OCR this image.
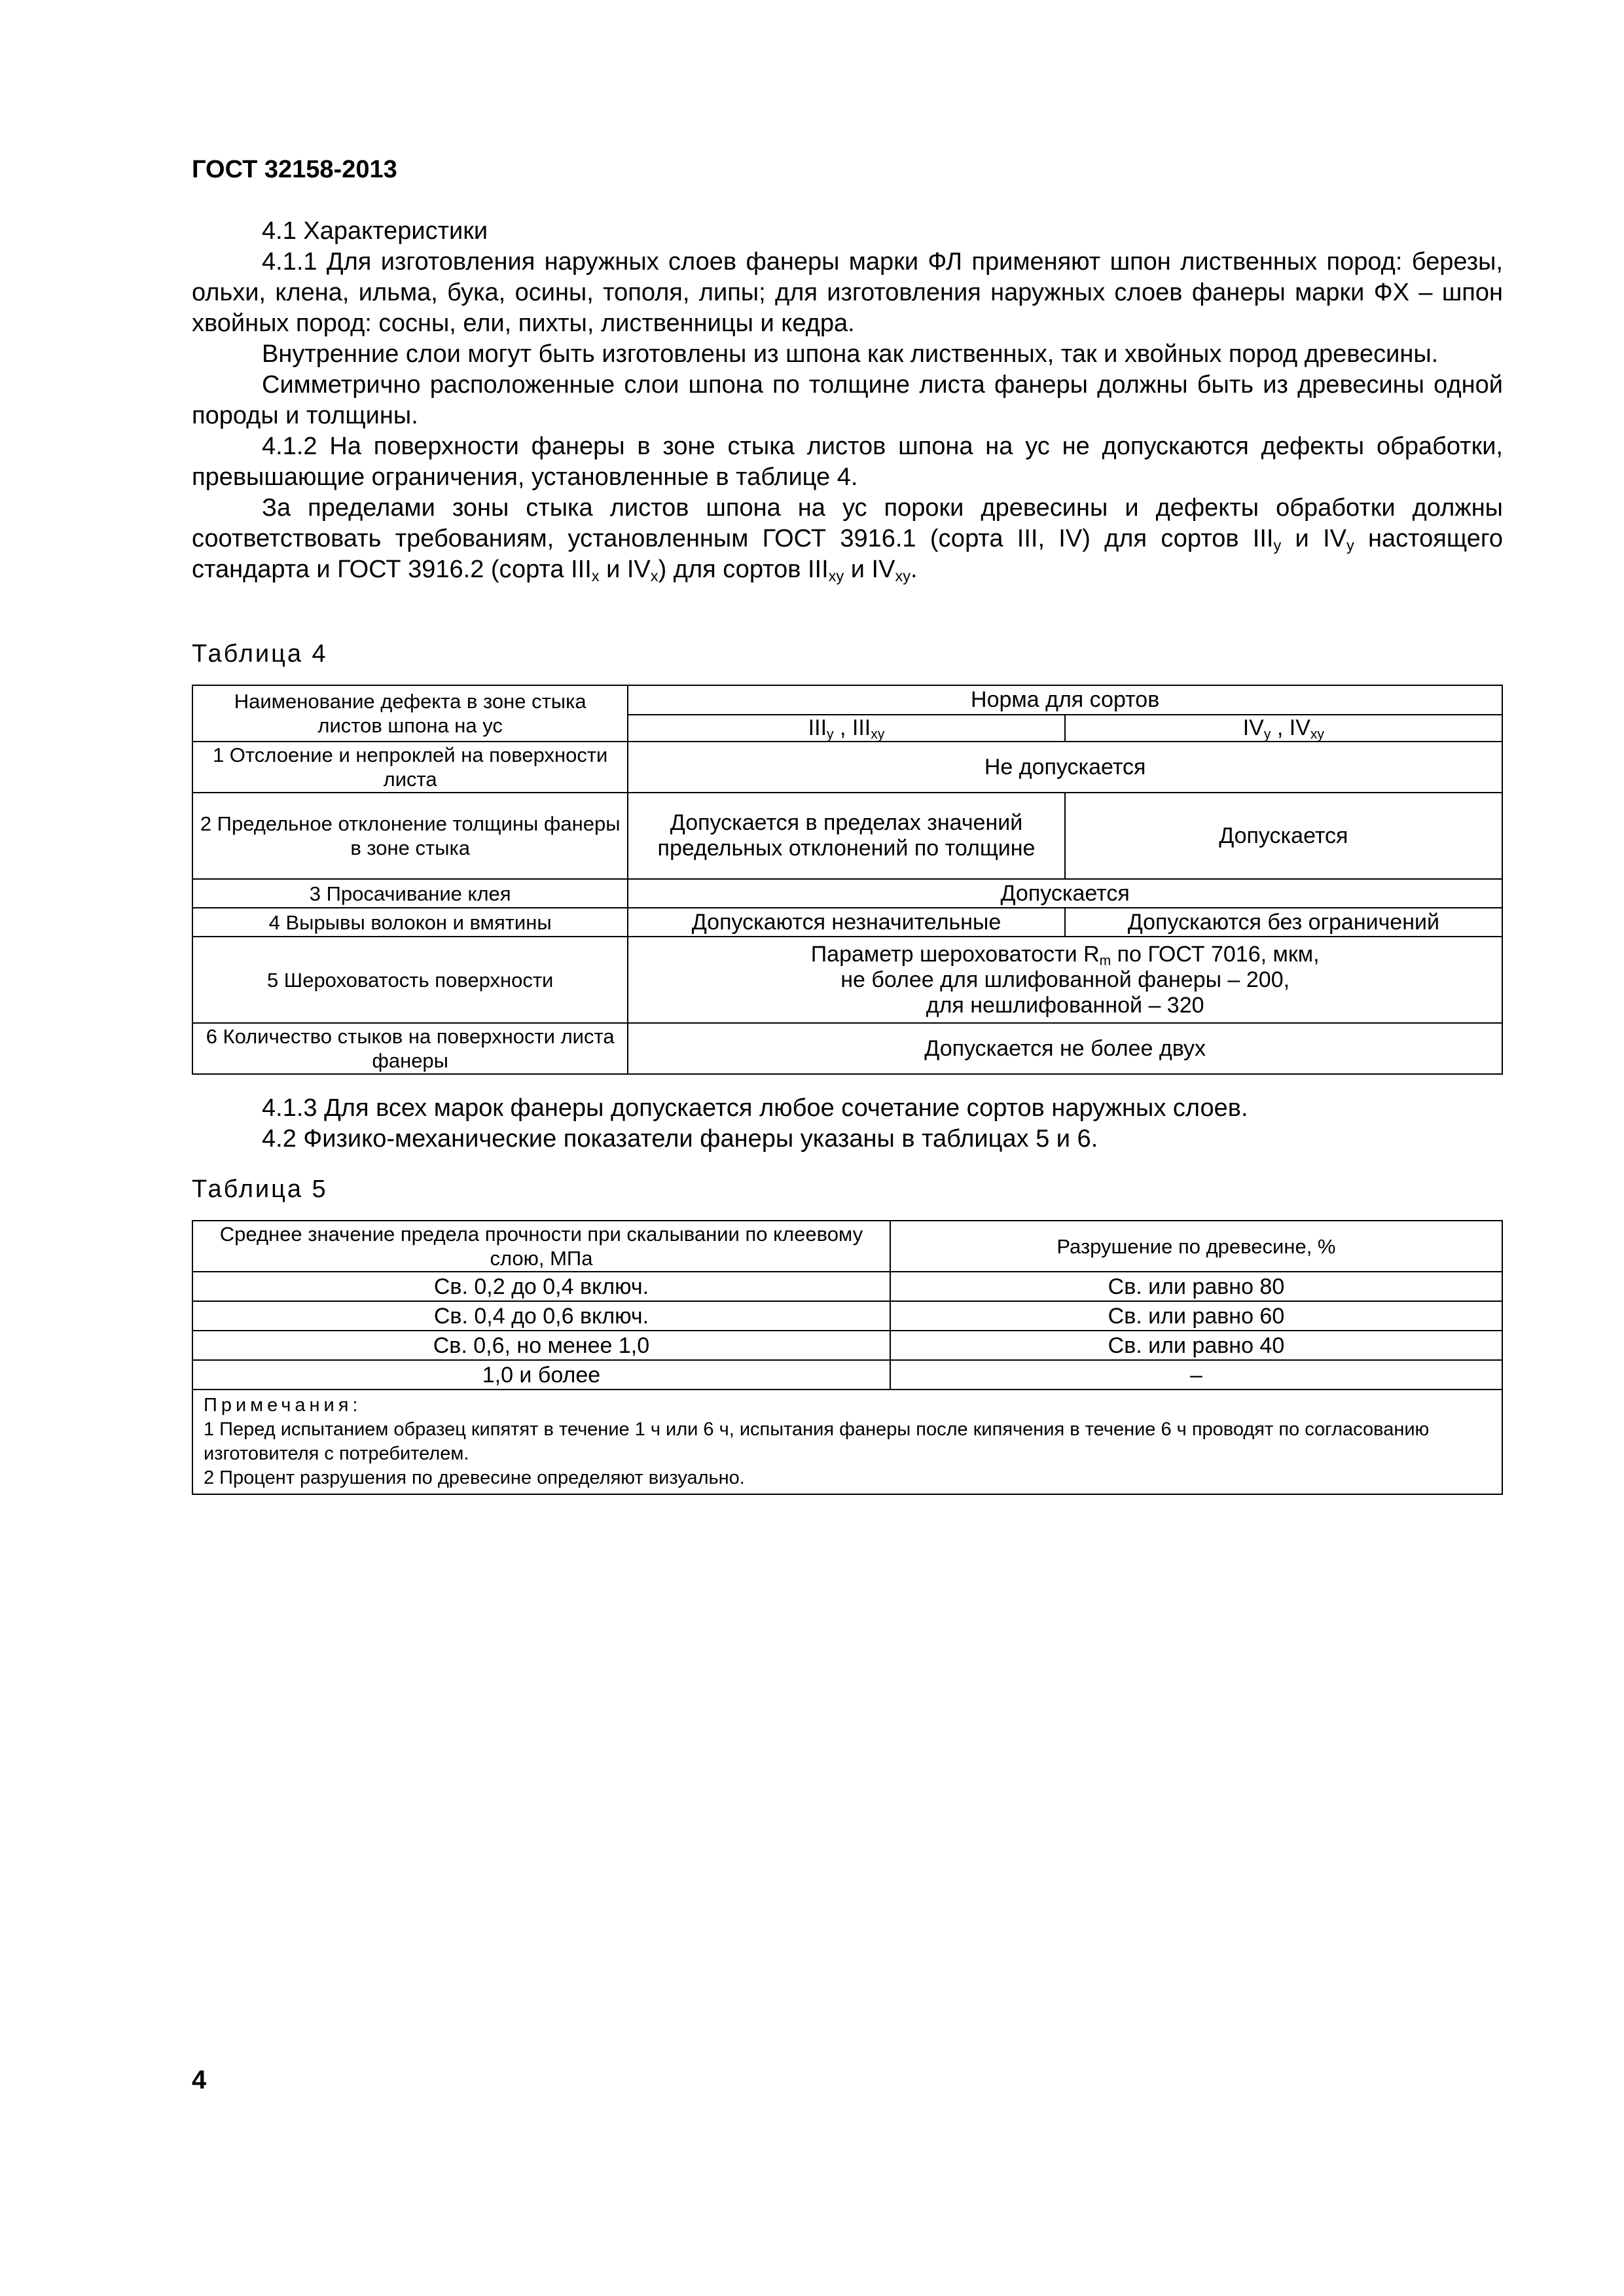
ГОСТ 32158-2013

4.1 Характеристики

4.1.1 Для изготовления наружных слоев фанеры марки ФЛ применяют шпон лиственных пород: березы, ольхи, клена, ильма, бука, осины, тополя, липы; для изготовления наружных слоев фанеры марки ФХ – шпон хвойных пород: сосны, ели, пихты, лиственницы и кедра.

Внутренние слои могут быть изготовлены из шпона как лиственных, так и хвойных пород древесины.

Симметрично расположенные слои шпона по толщине листа фанеры должны быть из древесины одной породы и толщины.

4.1.2 На поверхности фанеры в зоне стыка листов шпона на ус не допускаются дефекты обработки, превышающие ограничения, установленные в таблице 4.

За пределами зоны стыка листов шпона на ус пороки древесины и дефекты обработки должны соответствовать требованиям, установленным ГОСТ 3916.1 (сорта III, IV) для сортов $III_y$ и $IV_y$ настоящего стандарта и ГОСТ 3916.2 (сорта $III_x$ и $IV_x$) для сортов $III_{xy}$ и $IV_{xy}$.

Таблица 4
Наименование дефекта в зоне стыка листов шпона на ус	Норма для сортов	
	$III_y$ , $III_{xy}$	$IV_y$ , $IV_{xy}$
1 Отслоение и непроклей на поверхности листа	Не допускается	
2 Предельное отклонение толщины фанеры в зоне стыка	Допускается в пределах значений предельных отклонений по толщине	Допускается
3 Просачивание клея	Допускается	
4 Вырывы волокон и вмятины	Допускаются незначительные	Допускаются без ограничений
5 Шероховатость поверхности	Параметр шероховатости $R_m$ по ГОСТ 7016, мкм,
не более для шлифованной фанеры – 200,
для нешлифованной – 320	
6 Количество стыков на поверхности листа фанеры	Допускается не более двух	

4.1.3 Для всех марок фанеры допускается любое сочетание сортов наружных слоев.

4.2 Физико-механические показатели фанеры указаны в таблицах 5 и 6.

Таблица 5
Среднее значение предела прочности при скалывании по клеевому слою, МПа	Разрушение по древесине, %
Св. 0,2 до 0,4 включ.	Св. или равно 80
Св. 0,4 до 0,6 включ.	Св. или равно 60
Св. 0,6, но менее 1,0	Св. или равно 40
1,0 и более	–

Примечания:
1 Перед испытанием образец кипятят в течение 1 ч или 6 ч, испытания фанеры после кипячения в течение 6 ч проводят по согласованию изготовителя с потребителем.
2 Процент разрушения по древесине определяют визуально.	
4
